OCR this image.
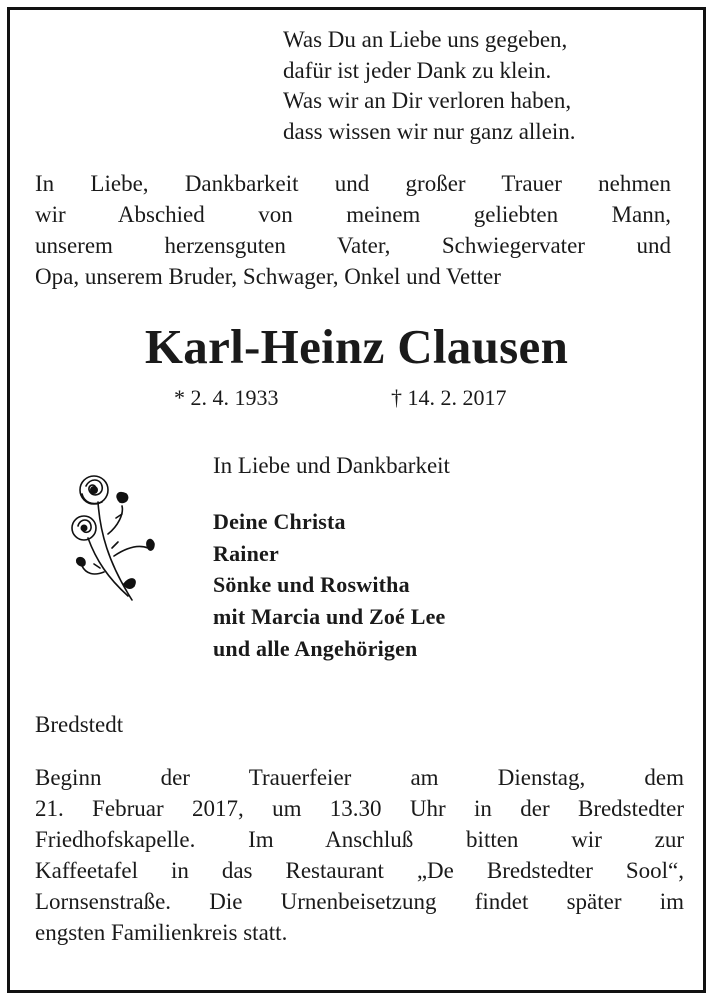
Was Du an Liebe uns gegeben,
dafür ist jeder Dank zu klein.
Was wir an Dir verloren haben,
dass wissen wir nur ganz allein.
In Liebe, Dankbarkeit und großer Trauer nehmen
wir Abschied von meinem geliebten Mann,
unserem herzensguten Vater, Schwiegervater und
Opa, unserem Bruder, Schwager, Onkel und Vetter
Karl-Heinz Clausen
* 2. 4. 1933	† 14. 2. 2017
In Liebe und Dankbarkeit
Deine Christa
Rainer
Sönke und Roswitha
mit Marcia und Zoé Lee
und alle Angehörigen
Bredstedt
Beginn der Trauerfeier am Dienstag, dem
21. Februar 2017, um 13.30 Uhr in der Bredstedter
Friedhofskapelle. Im Anschluß bitten wir zur
Kaffeetafel in das Restaurant „De Bredstedter Sool“,
Lornsenstraße. Die Urnenbeisetzung findet später im
engsten Familienkreis statt.
